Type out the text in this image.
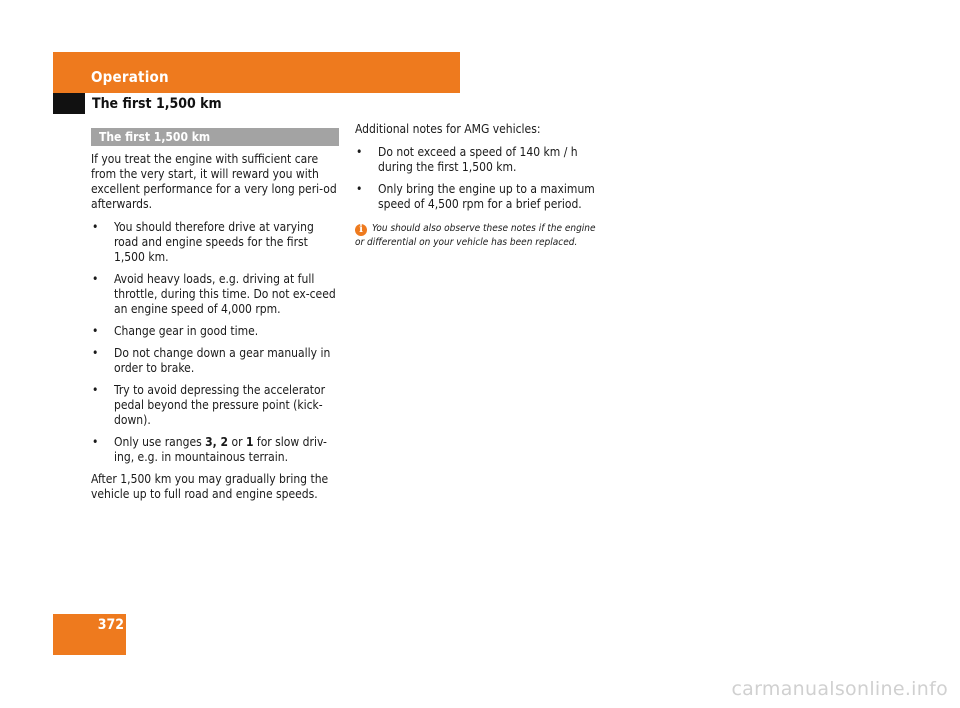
Operation
The first 1,500 km
The first 1,500 km

If you treat the engine with sufficient care from the very start, it will reward you with excellent performance for a very long peri-od afterwards.

• You should therefore drive at varying road and engine speeds for the first 1,500 km.
• Avoid heavy loads, e.g. driving at full throttle, during this time. Do not ex-ceed an engine speed of 4,000 rpm.
• Change gear in good time.
• Do not change down a gear manually in order to brake.
• Try to avoid depressing the accelerator pedal beyond the pressure point (kick-down).
• Only use ranges 3, 2 or 1 for slow driv-ing, e.g. in mountainous terrain.

After 1,500 km you may gradually bring the vehicle up to full road and engine speeds.

Additional notes for AMG vehicles:

• Do not exceed a speed of 140 km / h during the first 1,500 km.
• Only bring the engine up to a maximum speed of 4,500 rpm for a brief period.
i You should also observe these notes if the engine or differential on your vehicle has been replaced.
372
carmanualsonline.info
